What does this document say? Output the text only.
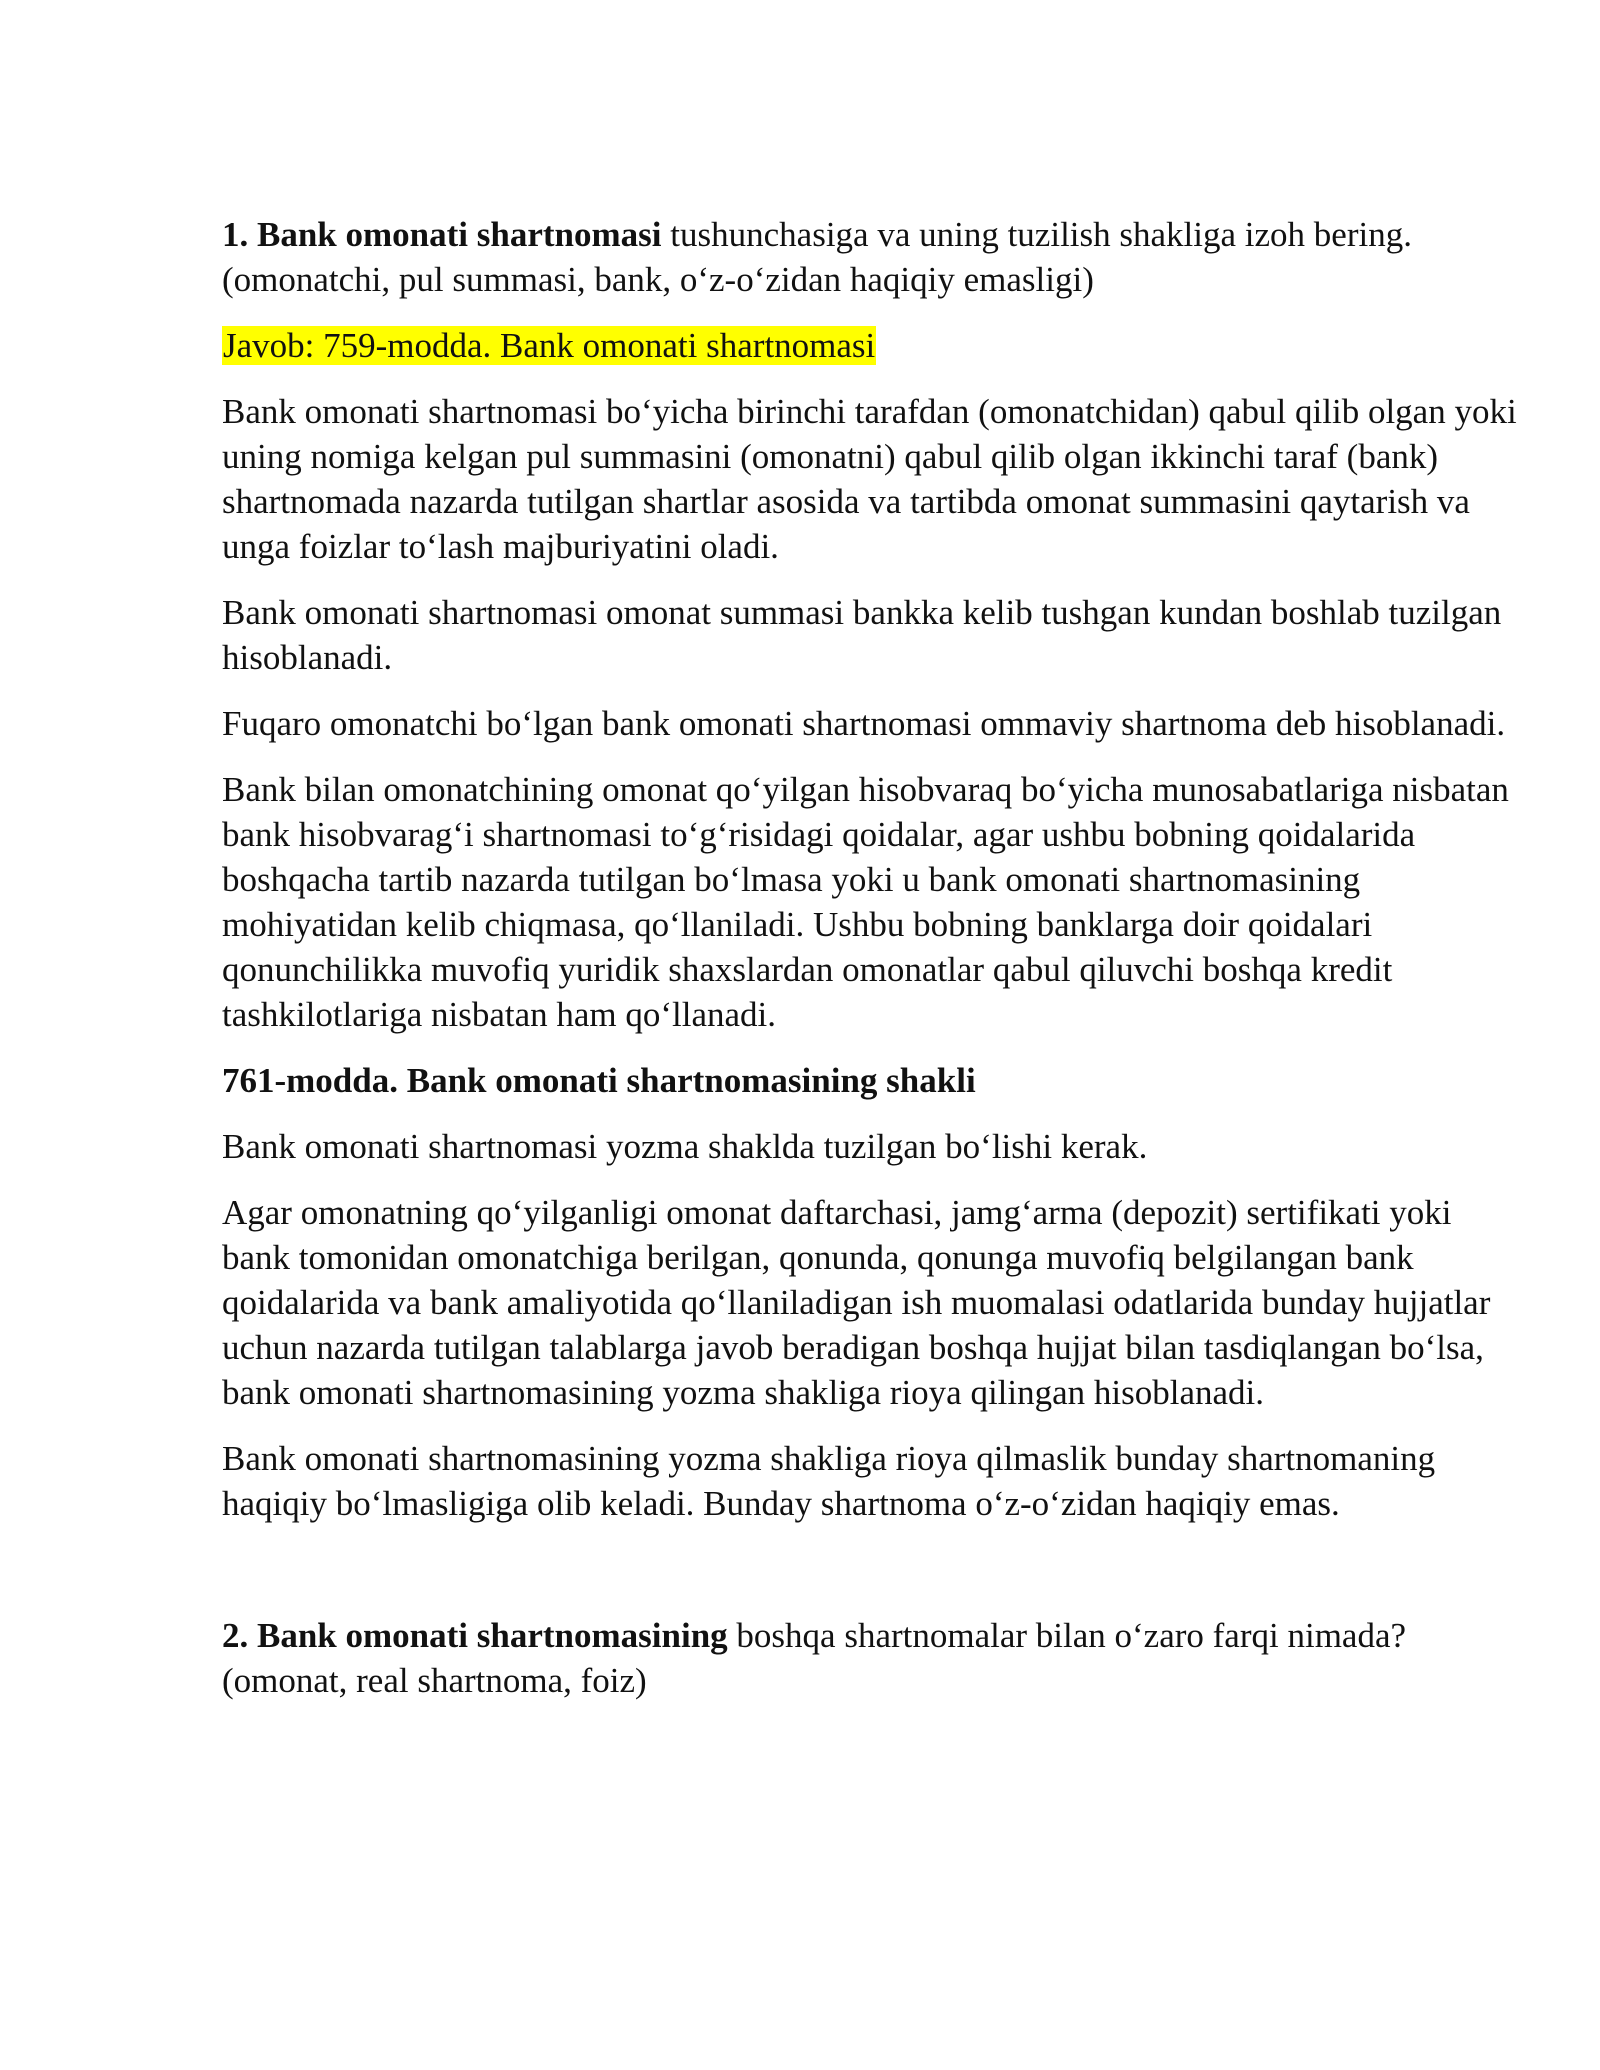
1. Bank omonati shartnomasi tushunchasiga va uning tuzilish shakliga izoh bering.
(omonatchi, pul summasi, bank, o‘z-o‘zidan haqiqiy emasligi)

Javob: 759-modda. Bank omonati shartnomasi

Bank omonati shartnomasi bo‘yicha birinchi tarafdan (omonatchidan) qabul qilib olgan yoki uning nomiga kelgan pul summasini (omonatni) qabul qilib olgan ikkinchi taraf (bank) shartnomada nazarda tutilgan shartlar asosida va tartibda omonat summasini qaytarish va unga foizlar to‘lash majburiyatini oladi.

Bank omonati shartnomasi omonat summasi bankka kelib tushgan kundan boshlab tuzilgan hisoblanadi.

Fuqaro omonatchi bo‘lgan bank omonati shartnomasi ommaviy shartnoma deb hisoblanadi.

Bank bilan omonatchining omonat qo‘yilgan hisobvaraq bo‘yicha munosabatlariga nisbatan bank hisobvarag‘i shartnomasi to‘g‘risidagi qoidalar, agar ushbu bobning qoidalarida boshqacha tartib nazarda tutilgan bo‘lmasa yoki u bank omonati shartnomasining mohiyatidan kelib chiqmasa, qo‘llaniladi. Ushbu bobning banklarga doir qoidalari qonunchilikka muvofiq yuridik shaxslardan omonatlar qabul qiluvchi boshqa kredit tashkilotlariga nisbatan ham qo‘llanadi.

761-modda. Bank omonati shartnomasining shakli

Bank omonati shartnomasi yozma shaklda tuzilgan bo‘lishi kerak.

Agar omonatning qo‘yilganligi omonat daftarchasi, jamg‘arma (depozit) sertifikati yoki bank tomonidan omonatchiga berilgan, qonunda, qonunga muvofiq belgilangan bank qoidalarida va bank amaliyotida qo‘llaniladigan ish muomalasi odatlarida bunday hujjatlar uchun nazarda tutilgan talablarga javob beradigan boshqa hujjat bilan tasdiqlangan bo‘lsa, bank omonati shartnomasining yozma shakliga rioya qilingan hisoblanadi.

Bank omonati shartnomasining yozma shakliga rioya qilmaslik bunday shartnomaning haqiqiy bo‘lmasligiga olib keladi. Bunday shartnoma o‘z-o‘zidan haqiqiy emas.

2. Bank omonati shartnomasining boshqa shartnomalar bilan o‘zaro farqi nimada?
(omonat, real shartnoma, foiz)
